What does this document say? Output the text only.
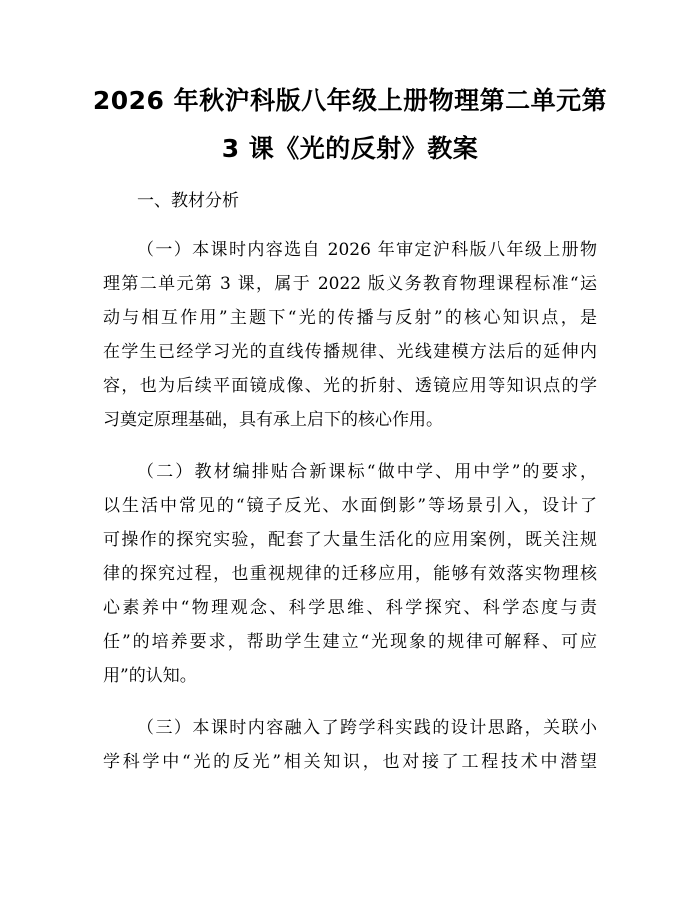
2026 年秋沪科版八年级上册物理第二单元第
3 课《光的反射》教案
一、教材分析
（一）本课时内容选自 2026 年审定沪科版八年级上册物
理第二单元第 3 课，属于 2022 版义务教育物理课程标准“运
动与相互作用”主题下“光的传播与反射”的核心知识点，是
在学生已经学习光的直线传播规律、光线建模方法后的延伸内
容，也为后续平面镜成像、光的折射、透镜应用等知识点的学
习奠定原理基础，具有承上启下的核心作用。
（二）教材编排贴合新课标“做中学、用中学”的要求，
以生活中常见的“镜子反光、水面倒影”等场景引入，设计了
可操作的探究实验，配套了大量生活化的应用案例，既关注规
律的探究过程，也重视规律的迁移应用，能够有效落实物理核
心素养中“物理观念、科学思维、科学探究、科学态度与责
任”的培养要求，帮助学生建立“光现象的规律可解释、可应
用”的认知。
（三）本课时内容融入了跨学科实践的设计思路，关联小
学科学中“光的反光”相关知识，也对接了工程技术中潜望
